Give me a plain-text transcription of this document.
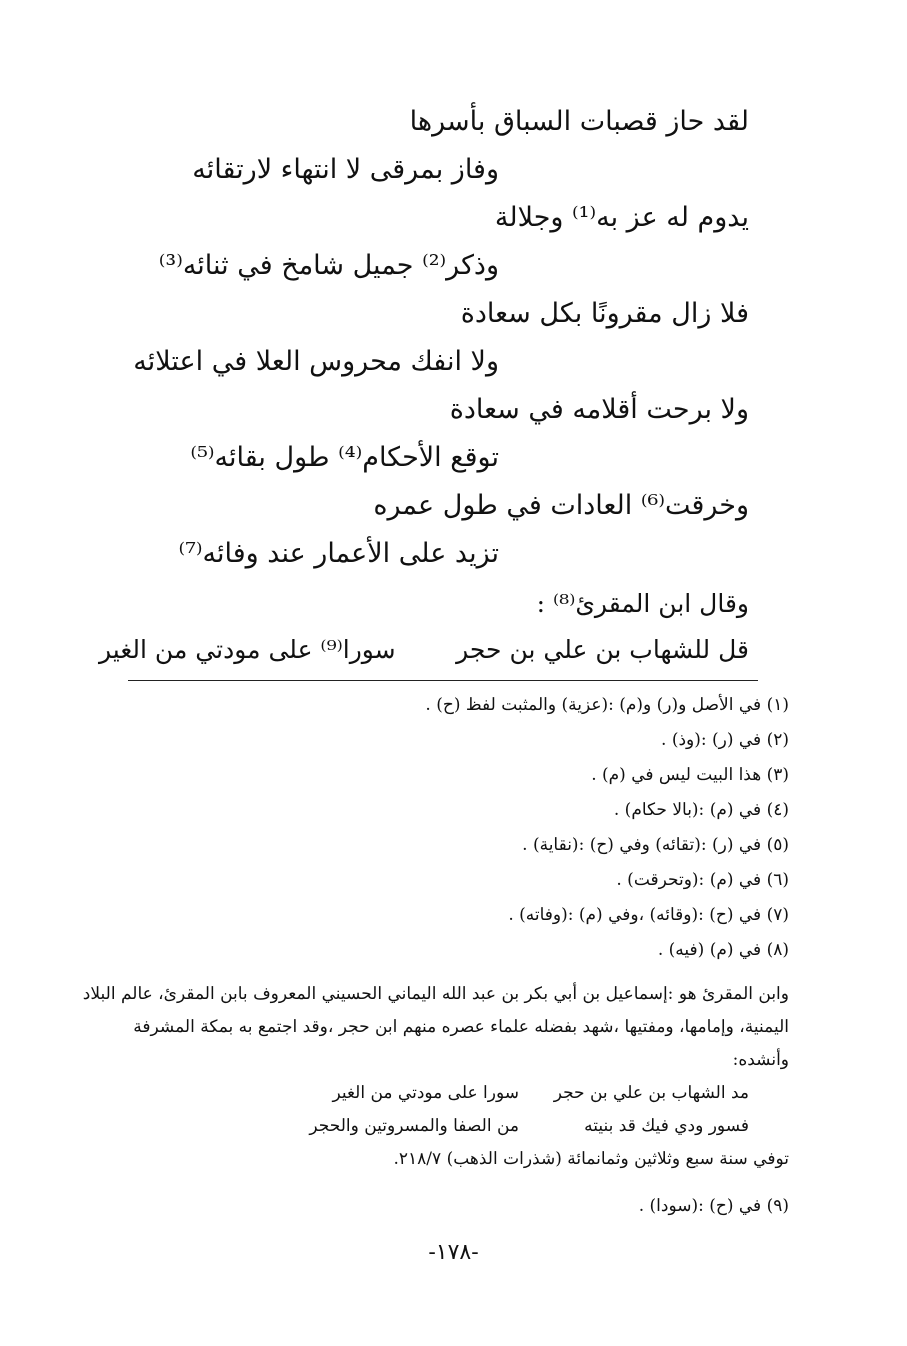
لقد حاز قصبات السباق بأسرها
وفاز بمرقى لا انتهاء لارتقائه
يدوم له عز به⁽¹⁾ وجلالة
وذكر⁽²⁾ جميل شامخ في ثنائه⁽³⁾
فلا زال مقرونًا بكل سعادة
ولا انفك محروس العلا في اعتلائه
ولا برحت أقلامه في سعادة
توقع الأحكام⁽⁴⁾ طول بقائه⁽⁵⁾
وخرقت⁽⁶⁾ العادات في طول عمره
تزيد على الأعمار عند وفائه⁽⁷⁾
وقال ابن المقرئ⁽⁸⁾ :
قل للشهاب بن علي بن حجر
سورا⁽⁹⁾ على مودتي من الغير
(١) في الأصل و(ر) و(م) :(عزية) والمثبت لفظ (ح) .
(٢) في (ر) :(وذ) .
(٣) هذا البيت ليس في (م) .
(٤) في (م) :(بالا حكام) .
(٥) في (ر) :(تقائه) وفي (ح) :(نقاية) .
(٦) في (م) :(وتحرقت) .
(٧) في (ح) :(وقائه) ،وفي (م) :(وفاته) .
(٨) في (م) (فيه) .

وابن المقرئ هو :إسماعيل بن أبي بكر بن عبد الله اليماني الحسيني المعروف بابن المقرئ، عالم البلاد اليمنية، وإمامها، ومفتيها ،شهد بفضله علماء عصره منهم ابن حجر ،وقد اجتمع به بمكة المشرفة وأنشده:

مد الشهاب بن علي بن حجر
سورا على مودتي من الغير
فسور ودي فيك قد بنيته
من الصفا والمسروتين والحجر

توفي سنة سبع وثلاثين وثمانمائة (شذرات الذهب) ٢١٨/٧.

(٩) في (ح) :(سودا) .
-١٧٨-
